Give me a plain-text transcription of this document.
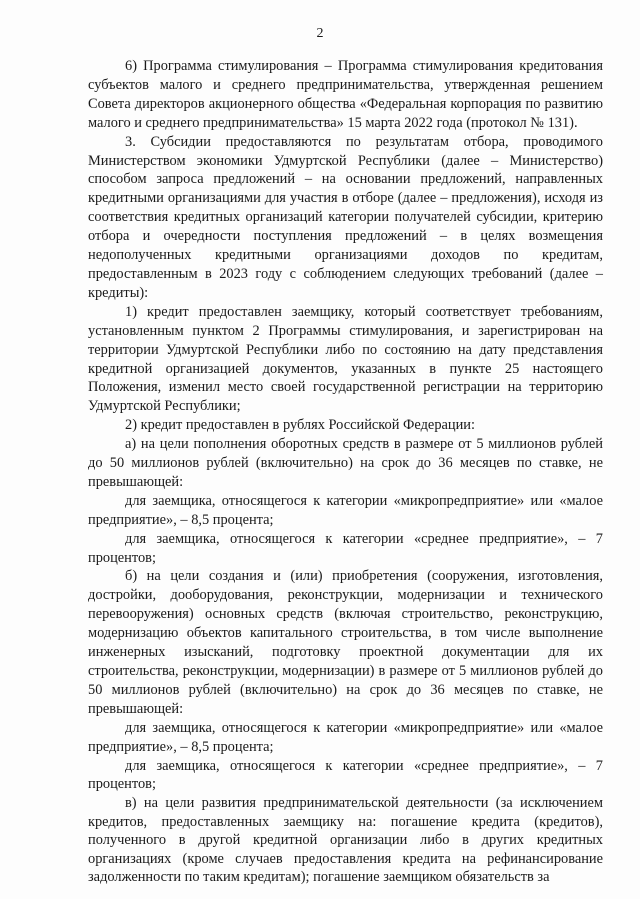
2

6) Программа стимулирования – Программа стимулирования кредитования субъектов малого и среднего предпринимательства, утвержденная решением Совета директоров акционерного общества «Федеральная корпорация по развитию малого и среднего предпринимательства» 15 марта 2022 года (протокол № 131).

3. Субсидии предоставляются по результатам отбора, проводимого Министерством экономики Удмуртской Республики (далее – Министерство) способом запроса предложений – на основании предложений, направленных кредитными организациями для участия в отборе (далее – предложения), исходя из соответствия кредитных организаций категории получателей субсидии, критерию отбора и очередности поступления предложений – в целях возмещения недополученных кредитными организациями доходов по кредитам, предоставленным в 2023 году с соблюдением следующих требований (далее – кредиты):

1) кредит предоставлен заемщику, который соответствует требованиям, установленным пунктом 2 Программы стимулирования, и зарегистрирован на территории Удмуртской Республики либо по состоянию на дату представления кредитной организацией документов, указанных в пункте 25 настоящего Положения, изменил место своей государственной регистрации на территорию Удмуртской Республики;

2) кредит предоставлен в рублях Российской Федерации:

а) на цели пополнения оборотных средств в размере от 5 миллионов рублей до 50 миллионов рублей (включительно) на срок до 36 месяцев по ставке, не превышающей:

для заемщика, относящегося к категории «микропредприятие» или «малое предприятие», – 8,5 процента;

для заемщика, относящегося к категории «среднее предприятие», – 7 процентов;

б) на цели создания и (или) приобретения (сооружения, изготовления, достройки, дооборудования, реконструкции, модернизации и технического перевооружения) основных средств (включая строительство, реконструкцию, модернизацию объектов капитального строительства, в том числе выполнение инженерных изысканий, подготовку проектной документации для их строительства, реконструкции, модернизации) в размере от 5 миллионов рублей до 50 миллионов рублей (включительно) на срок до 36 месяцев по ставке, не превышающей:

для заемщика, относящегося к категории «микропредприятие» или «малое предприятие», – 8,5 процента;

для заемщика, относящегося к категории «среднее предприятие», – 7 процентов;

в) на цели развития предпринимательской деятельности (за исключением кредитов, предоставленных заемщику на: погашение кредита (кредитов), полученного в другой кредитной организации либо в других кредитных организациях (кроме случаев предоставления кредита на рефинансирование задолженности по таким кредитам); погашение заемщиком обязательств за
